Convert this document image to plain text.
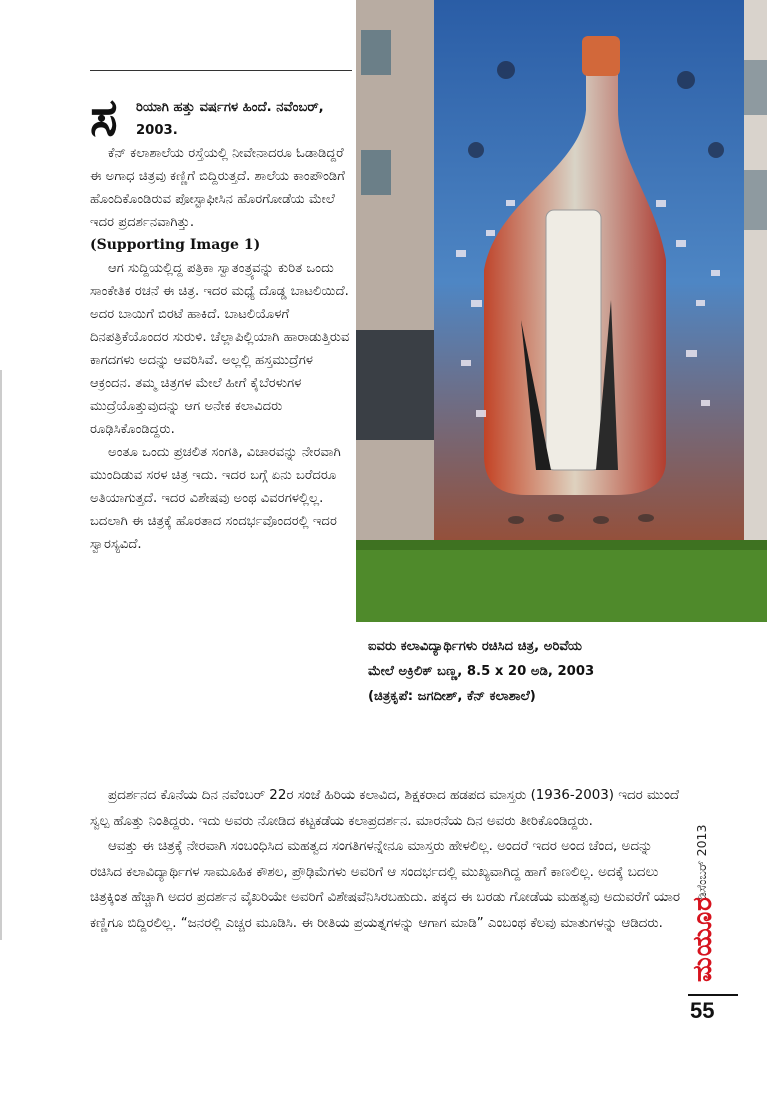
ಸ ರಿಯಾಗಿ ಹತ್ತು ವರ್ಷಗಳ ಹಿಂದೆ. ನವೆಂಬರ್, 2003.

ಕೆನ್ ಕಲಾಶಾಲೆಯ ರಸ್ತೆಯಲ್ಲಿ ನೀವೇನಾದರೂ ಓಡಾಡಿದ್ದರೆ ಈ ಅಗಾಧ ಚಿತ್ರವು ಕಣ್ಣಿಗೆ ಬಿದ್ದಿರುತ್ತದೆ. ಶಾಲೆಯ ಕಾಂಪೌಂಡಿಗೆ ಹೊಂದಿಕೊಂಡಿರುವ ಪೋಸ್ಟಾಫೀಸಿನ ಹೊರಗೋಡೆಯ ಮೇಲೆ ಇದರ ಪ್ರದರ್ಶನವಾಗಿತ್ತು.

(Supporting Image 1)

ಆಗ ಸುದ್ದಿಯಲ್ಲಿದ್ದ ಪತ್ರಿಕಾ ಸ್ವಾತಂತ್ರ್ಯವನ್ನು ಕುರಿತ ಒಂದು ಸಾಂಕೇತಿಕ ರಚನೆ ಈ ಚಿತ್ರ. ಇದರ ಮಧ್ಯೆ ದೊಡ್ಡ ಬಾಟಲಿಯಿದೆ. ಅದರ ಬಾಯಿಗೆ ಬಿರಟೆ ಹಾಕಿದೆ. ಬಾಟಲಿಯೊಳಗೆ ದಿನಪತ್ರಿಕೆಯೊಂದರ ಸುರುಳಿ. ಚೆಲ್ಲಾಪಿಲ್ಲಿಯಾಗಿ ಹಾರಾಡುತ್ತಿರುವ ಕಾಗದಗಳು ಅದನ್ನು ಆವರಿಸಿವೆ. ಅಲ್ಲಲ್ಲಿ ಹಸ್ತಮುದ್ರೆಗಳ ಆಕ್ರಂದನ. ತಮ್ಮ ಚಿತ್ರಗಳ ಮೇಲೆ ಹೀಗೆ ಕೈಬೆರಳುಗಳ ಮುದ್ರೆಯೊತ್ತುವುದನ್ನು ಆಗ ಅನೇಕ ಕಲಾವಿದರು ರೂಢಿಸಿಕೊಂಡಿದ್ದರು.

ಅಂತೂ ಒಂದು ಪ್ರಚಲಿತ ಸಂಗತಿ, ವಿಚಾರವನ್ನು ನೇರವಾಗಿ ಮುಂದಿಡುವ ಸರಳ ಚಿತ್ರ ಇದು. ಇದರ ಬಗ್ಗೆ ಏನು ಬರೆದರೂ ಅತಿಯಾಗುತ್ತದೆ. ಇದರ ವಿಶೇಷವು ಅಂಥ ವಿವರಗಳಲ್ಲಿಲ್ಲ. ಬದಲಾಗಿ ಈ ಚಿತ್ರಕ್ಕೆ ಹೊರತಾದ ಸಂದರ್ಭವೊಂದರಲ್ಲಿ ಇದರ ಸ್ವಾರಸ್ಯವಿದೆ.

ಐವರು ಕಲಾವಿದ್ಯಾರ್ಥಿಗಳು ರಚಿಸಿದ ಚಿತ್ರ, ಅರಿವೆಯ

ಮೇಲೆ ಅಕ್ರಿಲಿಕ್ ಬಣ್ಣ, 8.5 x 20 ಅಡಿ, 2003

(ಚಿತ್ರಕೃಪೆ: ಜಗದೀಶ್, ಕೆನ್ ಕಲಾಶಾಲೆ)

ಪ್ರದರ್ಶನದ ಕೊನೆಯ ದಿನ ನವೆಂಬರ್ 22ರ ಸಂಜೆ ಹಿರಿಯ ಕಲಾವಿದ, ಶಿಕ್ಷಕರಾದ ಹಡಪದ ಮಾಸ್ತರು (1936-2003) ಇದರ ಮುಂದೆ ಸ್ವಲ್ಪ ಹೊತ್ತು ನಿಂತಿದ್ದರು. ಇದು ಅವರು ನೋಡಿದ ಕಟ್ಟಕಡೆಯ ಕಲಾಪ್ರದರ್ಶನ. ಮಾರನೆಯ ದಿನ ಅವರು ತೀರಿಕೊಂಡಿದ್ದರು.

ಆವತ್ತು ಈ ಚಿತ್ರಕ್ಕೆ ನೇರವಾಗಿ ಸಂಬಂಧಿಸಿದ ಮಹತ್ವದ ಸಂಗತಿಗಳನ್ನೇನೂ ಮಾಸ್ತರು ಹೇಳಲಿಲ್ಲ. ಅಂದರೆ ಇದರ ಅಂದ ಚೆಂದ, ಅದನ್ನು ರಚಿಸಿದ ಕಲಾವಿದ್ಯಾರ್ಥಿಗಳ ಸಾಮೂಹಿಕ ಕೌಶಲ, ಪ್ರೌಢಿಮೆಗಳು ಅವರಿಗೆ ಆ ಸಂದರ್ಭದಲ್ಲಿ ಮುಖ್ಯವಾಗಿದ್ದ ಹಾಗೆ ಕಾಣಲಿಲ್ಲ. ಅದಕ್ಕೆ ಬದಲು ಚಿತ್ರಕ್ಕಿಂತ ಹೆಚ್ಚಾಗಿ ಅದರ ಪ್ರದರ್ಶನ ವೈಖರಿಯೇ ಅವರಿಗೆ ವಿಶೇಷವೆನಿಸಿರಬಹುದು. ಪಕ್ಕದ ಈ ಬರಡು ಗೋಡೆಯ ಮಹತ್ವವು ಅದುವರೆಗೆ ಯಾರ ಕಣ್ಣಿಗೂ ಬಿದ್ದಿರಲಿಲ್ಲ. “ಜನರಲ್ಲಿ ಎಚ್ಚರ ಮೂಡಿಸಿ. ಈ ರೀತಿಯ ಪ್ರಯತ್ನಗಳನ್ನು ಆಗಾಗ ಮಾಡಿ” ಎಂಬಂಥ ಕೆಲವು ಮಾತುಗಳನ್ನು ಆಡಿದರು.

ಡಿಸೆಂಬರ್ 2013
ಮಯೂರ
55
